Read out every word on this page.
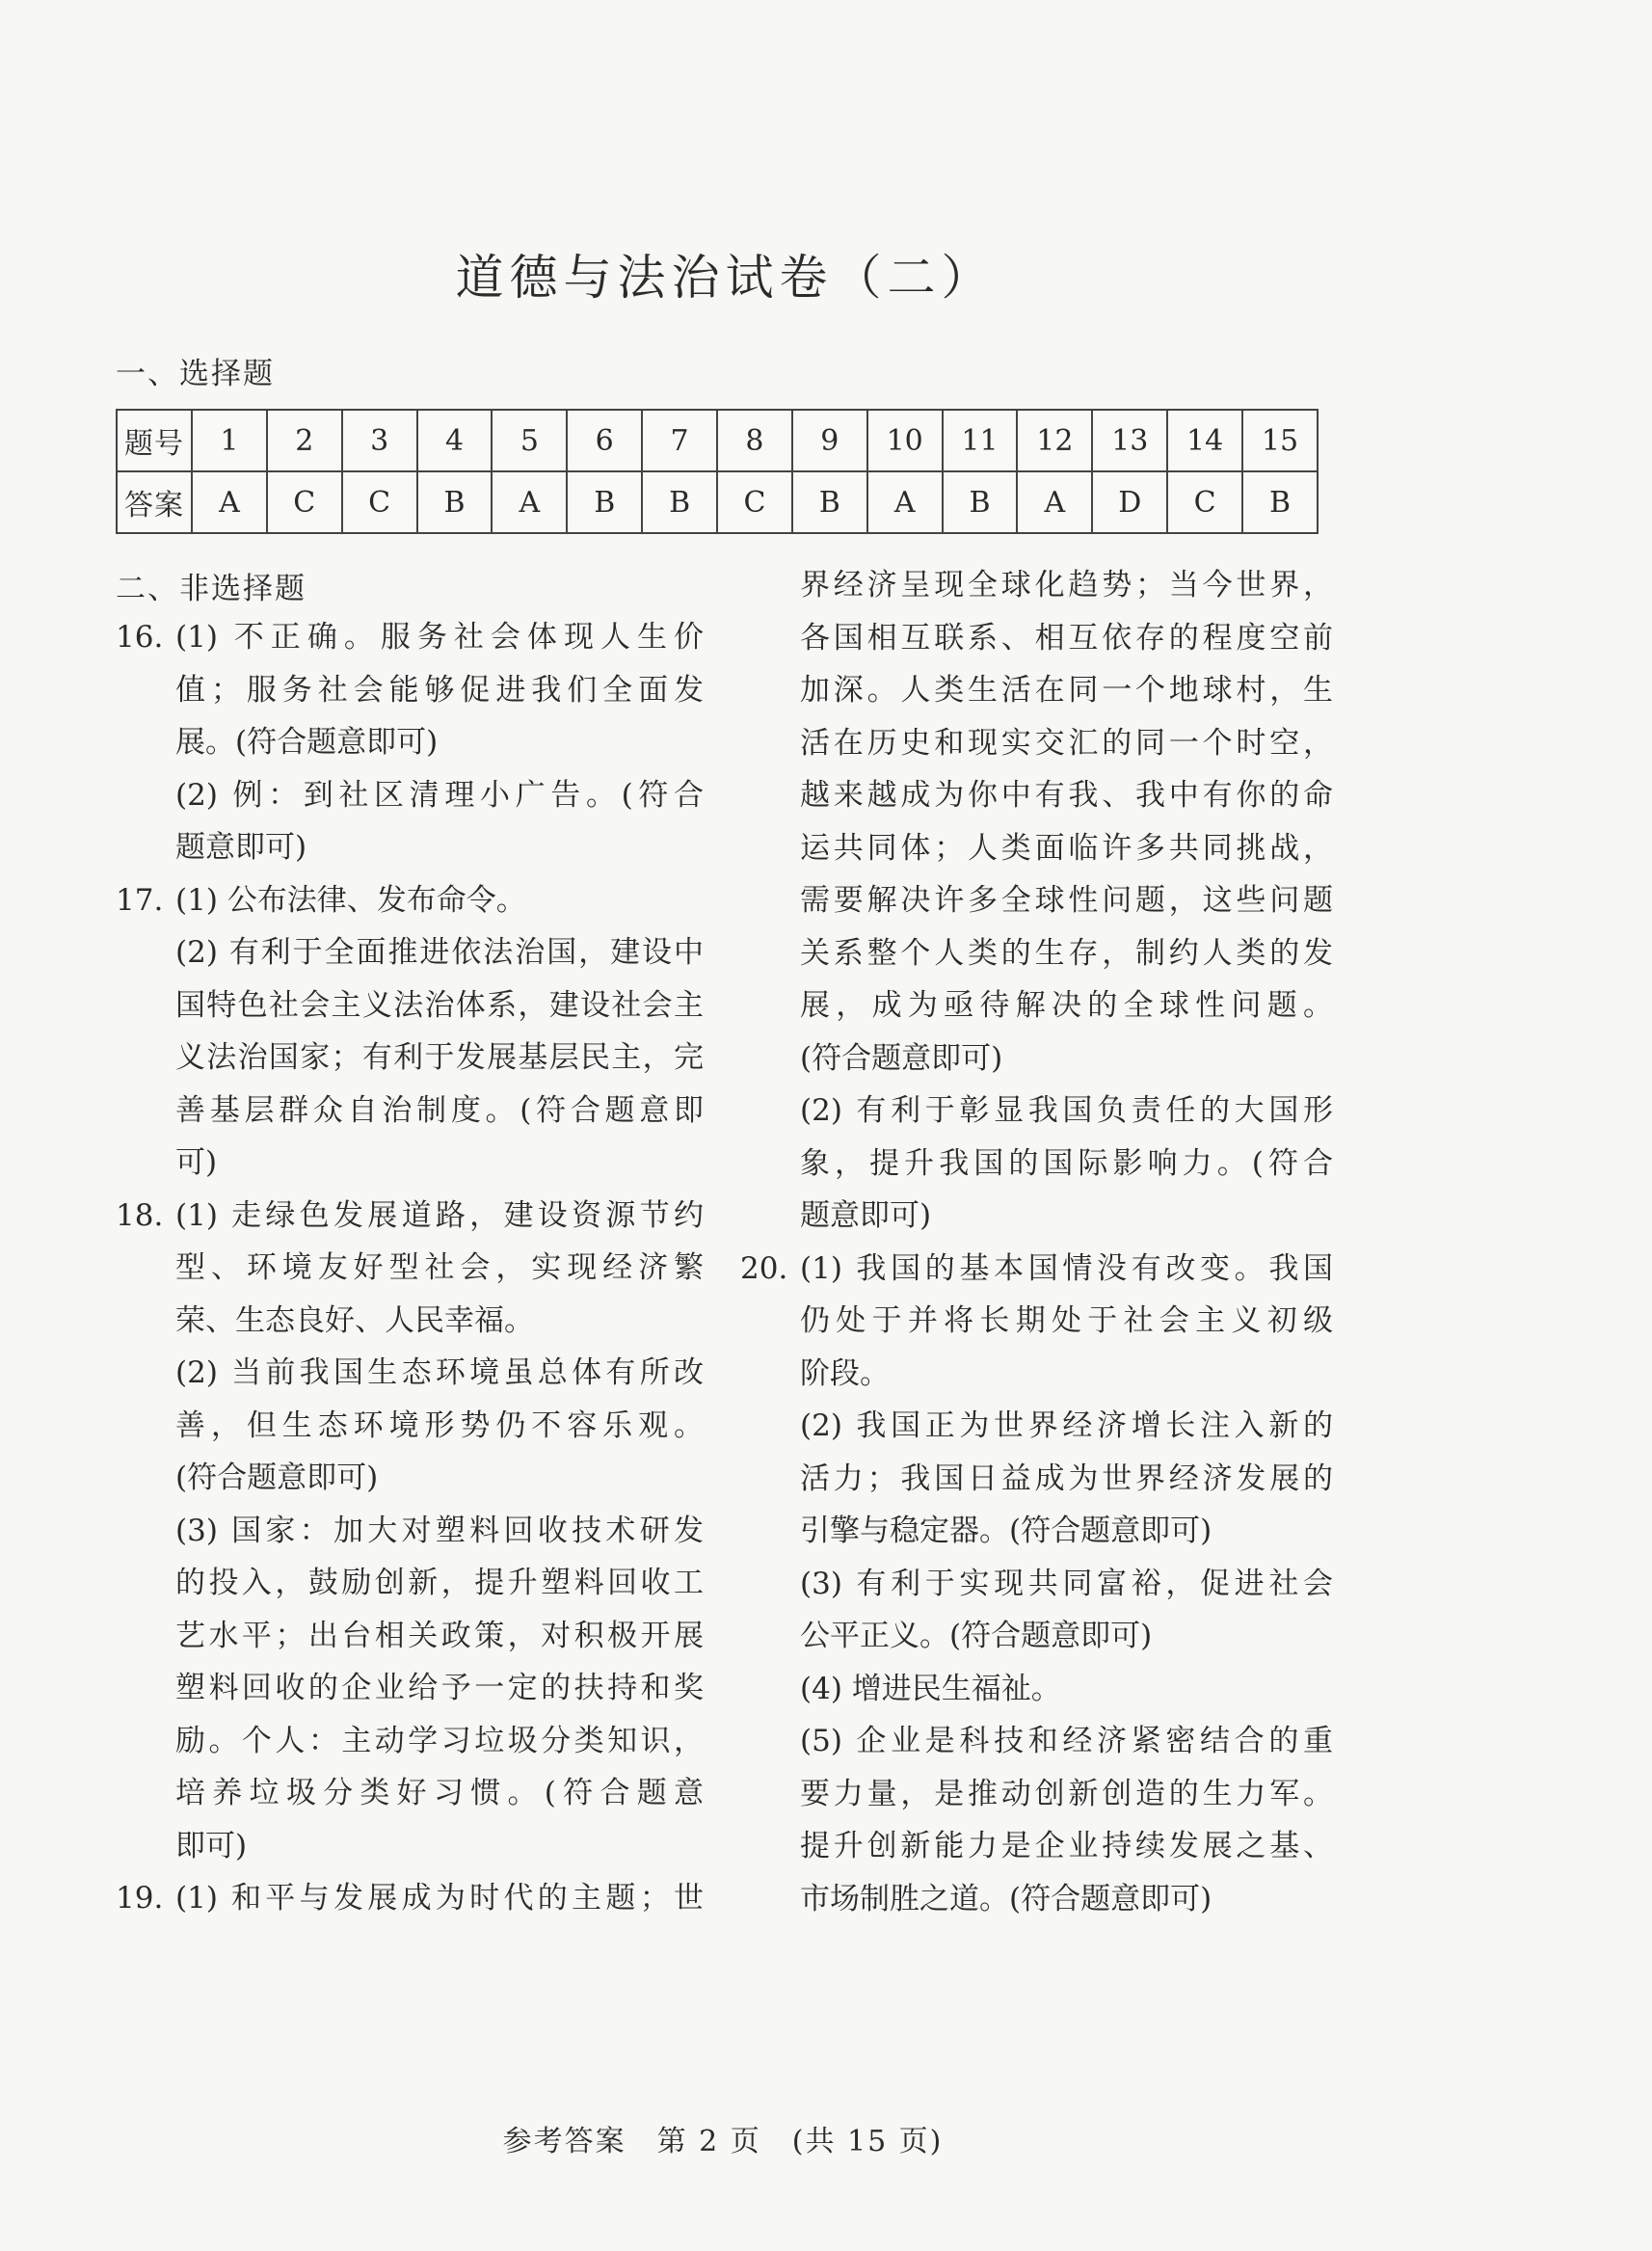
道德与法治试卷（二）
一、选择题
题号	1	2	3	4	5	6	7	8	9	10	11	12	13	14	15
答案	A	C	C	B	A	B	B	C	B	A	B	A	D	C	B
二、非选择题
16. (1) 不正确。服务社会体现人生价
值；服务社会能够促进我们全面发
展。(符合题意即可)
(2) 例：到社区清理小广告。(符合
题意即可)
17. (1) 公布法律、发布命令。
(2) 有利于全面推进依法治国，建设中
国特色社会主义法治体系，建设社会主
义法治国家；有利于发展基层民主，完
善基层群众自治制度。(符合题意即
可)
18. (1) 走绿色发展道路，建设资源节约
型、环境友好型社会，实现经济繁
荣、生态良好、人民幸福。
(2) 当前我国生态环境虽总体有所改
善，但生态环境形势仍不容乐观。
(符合题意即可)
(3) 国家：加大对塑料回收技术研发
的投入，鼓励创新，提升塑料回收工
艺水平；出台相关政策，对积极开展
塑料回收的企业给予一定的扶持和奖
励。个人：主动学习垃圾分类知识，
培养垃圾分类好习惯。(符合题意
即可)
19. (1) 和平与发展成为时代的主题；世
界经济呈现全球化趋势；当今世界，
各国相互联系、相互依存的程度空前
加深。人类生活在同一个地球村，生
活在历史和现实交汇的同一个时空，
越来越成为你中有我、我中有你的命
运共同体；人类面临许多共同挑战，
需要解决许多全球性问题，这些问题
关系整个人类的生存，制约人类的发
展，成为亟待解决的全球性问题。
(符合题意即可)
(2) 有利于彰显我国负责任的大国形
象，提升我国的国际影响力。(符合
题意即可)
20. (1) 我国的基本国情没有改变。我国
仍处于并将长期处于社会主义初级
阶段。
(2) 我国正为世界经济增长注入新的
活力；我国日益成为世界经济发展的
引擎与稳定器。(符合题意即可)
(3) 有利于实现共同富裕，促进社会
公平正义。(符合题意即可)
(4) 增进民生福祉。
(5) 企业是科技和经济紧密结合的重
要力量，是推动创新创造的生力军。
提升创新能力是企业持续发展之基、
市场制胜之道。(符合题意即可)
参考答案　第 2 页　(共 15 页)
